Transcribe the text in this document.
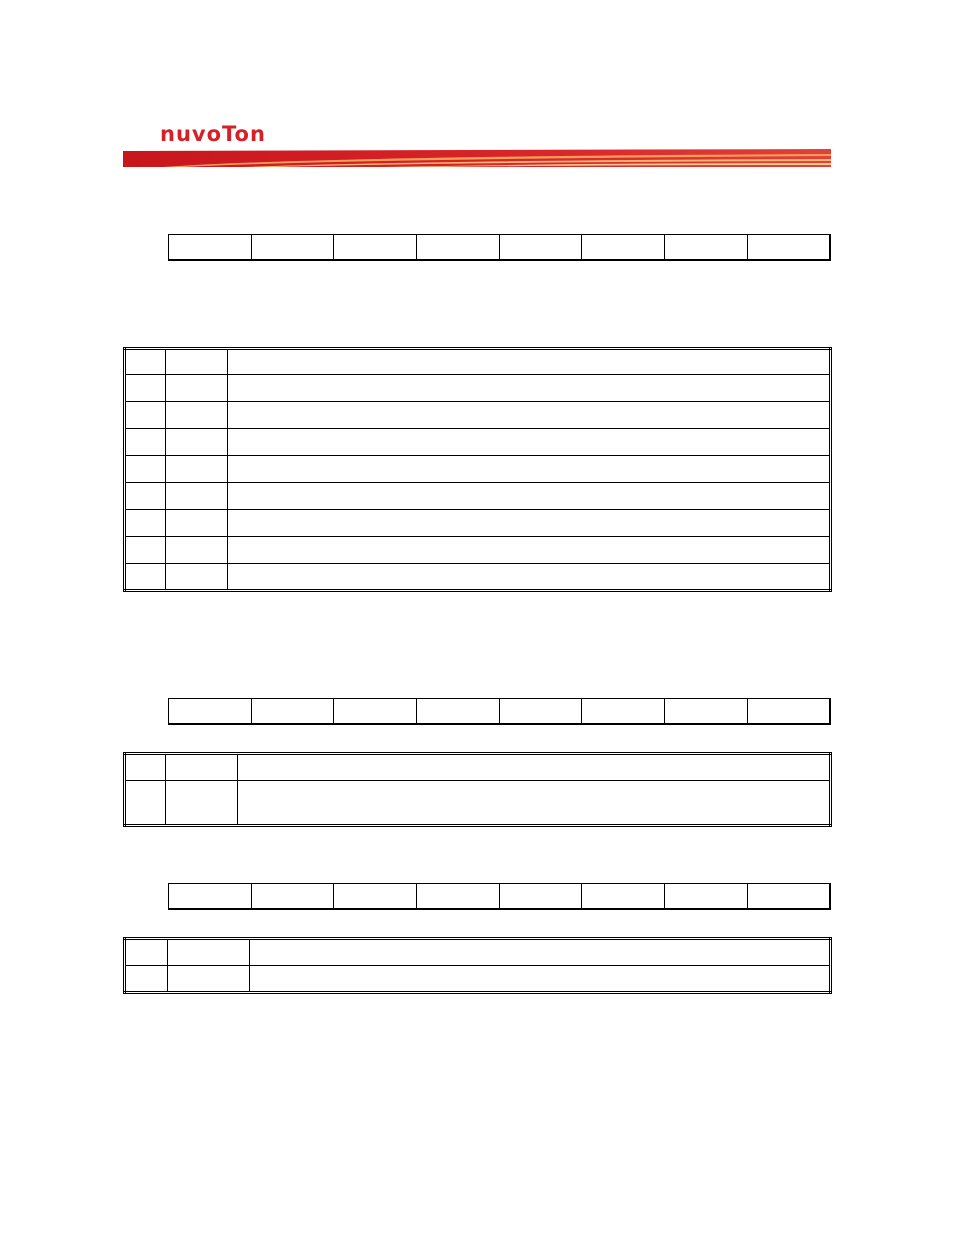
nuvoTon
